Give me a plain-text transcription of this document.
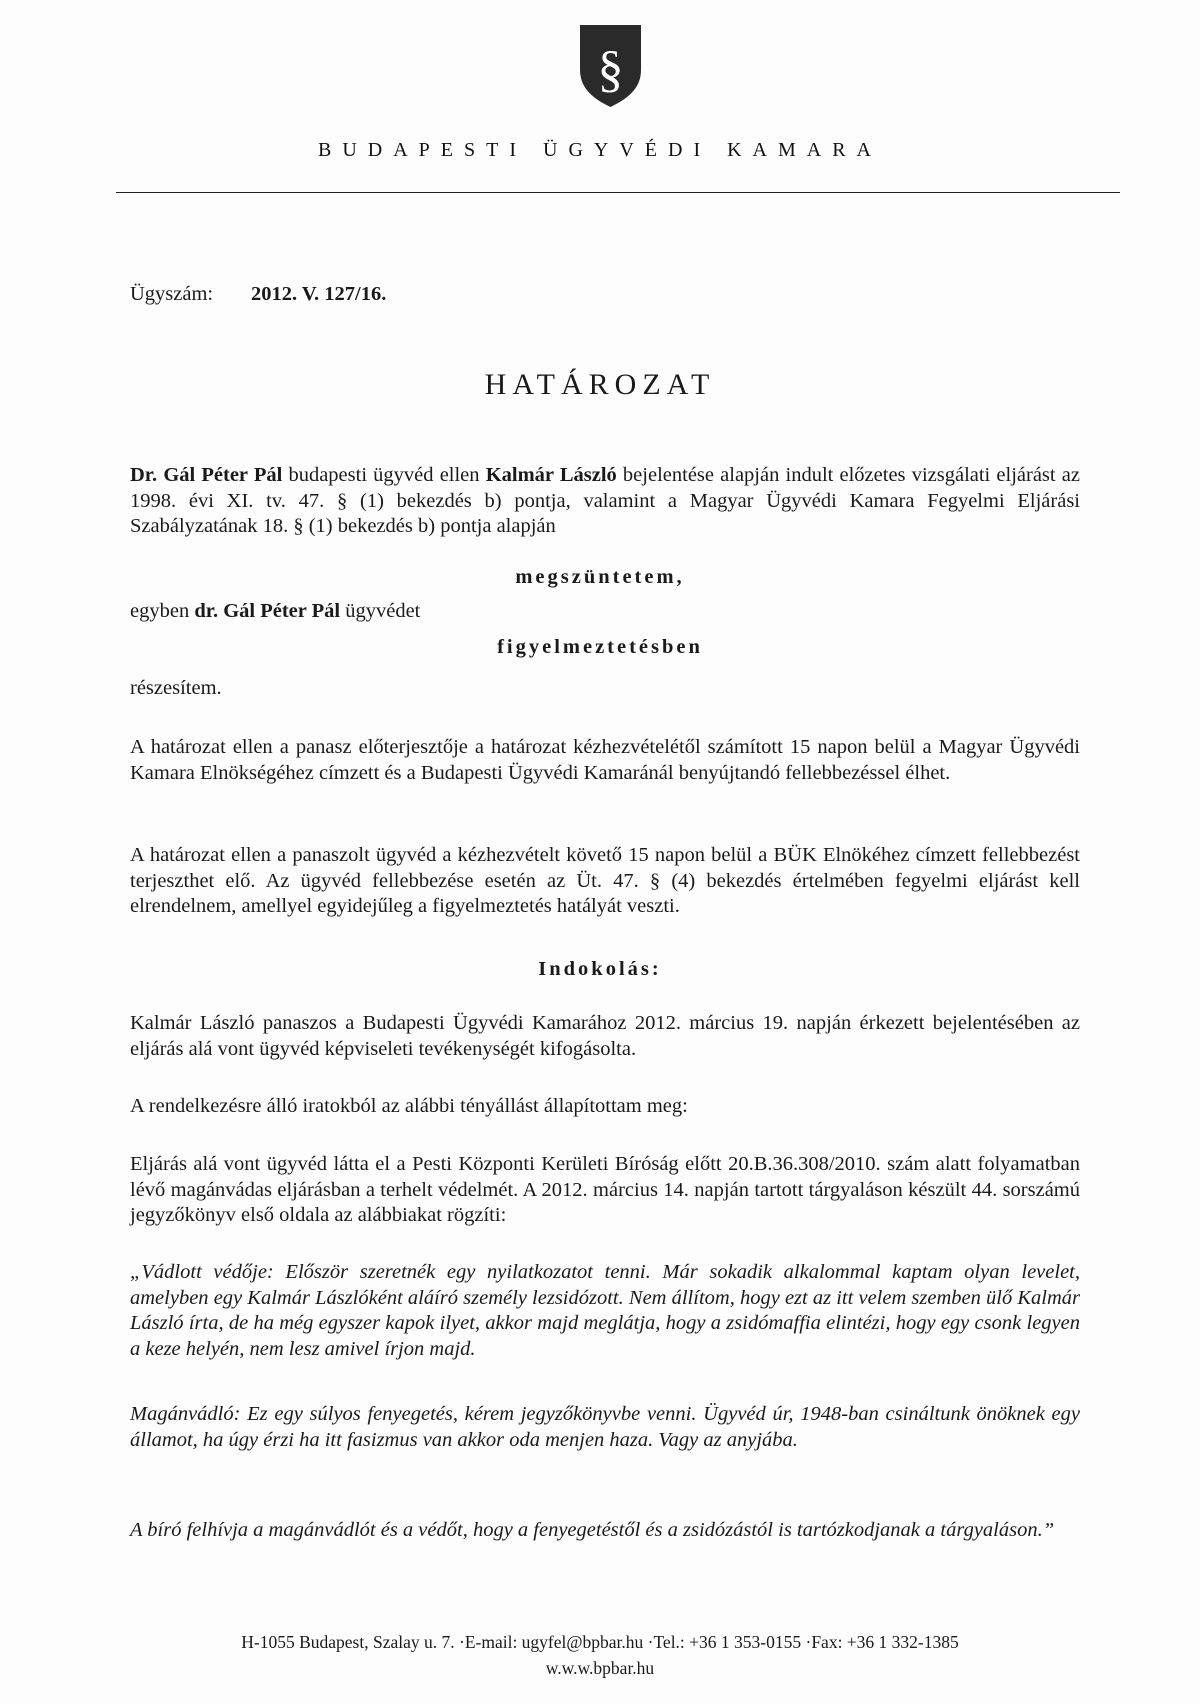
§
BUDAPESTI ÜGYVÉDI KAMARA
Ügyszám: 2012. V. 127/16.
HATÁROZAT
Dr. Gál Péter Pál budapesti ügyvéd ellen Kalmár László bejelentése alapján indult előzetes vizsgálati eljárást az 1998. évi XI. tv. 47. § (1) bekezdés b) pontja, valamint a Magyar Ügyvédi Kamara Fegyelmi Eljárási Szabályzatának 18. § (1) bekezdés b) pontja alapján
megszüntetem,
egyben dr. Gál Péter Pál ügyvédet
figyelmeztetésben
részesítem.
A határozat ellen a panasz előterjesztője a határozat kézhezvételétől számított 15 napon belül a Magyar Ügyvédi Kamara Elnökségéhez címzett és a Budapesti Ügyvédi Kamaránál benyújtandó fellebbezéssel élhet.
A határozat ellen a panaszolt ügyvéd a kézhezvételt követő 15 napon belül a BÜK Elnökéhez címzett fellebbezést terjeszthet elő. Az ügyvéd fellebbezése esetén az Üt. 47. § (4) bekezdés értelmében fegyelmi eljárást kell elrendelnem, amellyel egyidejűleg a figyelmeztetés hatályát veszti.
Indokolás:
Kalmár László panaszos a Budapesti Ügyvédi Kamarához 2012. március 19. napján érkezett bejelentésében az eljárás alá vont ügyvéd képviseleti tevékenységét kifogásolta.
A rendelkezésre álló iratokból az alábbi tényállást állapítottam meg:
Eljárás alá vont ügyvéd látta el a Pesti Központi Kerületi Bíróság előtt 20.B.36.308/2010. szám alatt folyamatban lévő magánvádas eljárásban a terhelt védelmét. A 2012. március 14. napján tartott tárgyaláson készült 44. sorszámú jegyzőkönyv első oldala az alábbiakat rögzíti:
„Vádlott védője: Először szeretnék egy nyilatkozatot tenni. Már sokadik alkalommal kaptam olyan levelet, amelyben egy Kalmár Lászlóként aláíró személy lezsidózott. Nem állítom, hogy ezt az itt velem szemben ülő Kalmár László írta, de ha még egyszer kapok ilyet, akkor majd meglátja, hogy a zsidómaffia elintézi, hogy egy csonk legyen a keze helyén, nem lesz amivel írjon majd.
Magánvádló: Ez egy súlyos fenyegetés, kérem jegyzőkönyvbe venni. Ügyvéd úr, 1948-ban csináltunk önöknek egy államot, ha úgy érzi ha itt fasizmus van akkor oda menjen haza. Vagy az anyjába.
A bíró felhívja a magánvádlót és a védőt, hogy a fenyegetéstől és a zsidózástól is tartózkodjanak a tárgyaláson.”
H-1055 Budapest, Szalay u. 7. ·E-mail: ugyfel@bpbar.hu ·Tel.: +36 1 353-0155 ·Fax: +36 1 332-1385
w.w.w.bpbar.hu
